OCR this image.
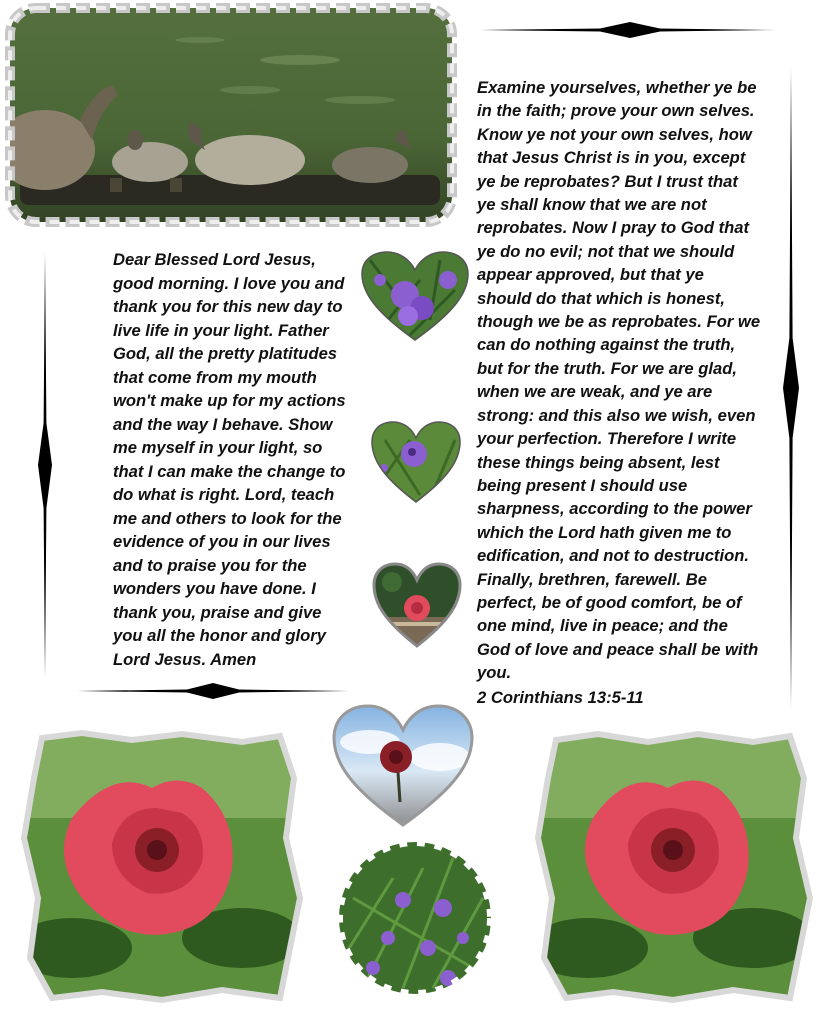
Dear Blessed Lord Jesus,
good morning. I love you and
thank you for this new day to
live life in your light. Father
God, all the pretty platitudes
that come from my mouth
won't make up for my actions
and the way I behave. Show
me myself in your light, so
that I can make the change to
do what is right. Lord, teach
me and others to look for the
evidence of you in our lives
and to praise you for the
wonders you have done. I
thank you, praise and give
you all the honor and glory
Lord Jesus. Amen
Examine yourselves, whether ye be
in the faith; prove your own selves.
Know ye not your own selves, how
that Jesus Christ is in you, except
ye be reprobates? But I trust that
ye shall know that we are not
reprobates. Now I pray to God that
ye do no evil; not that we should
appear approved, but that ye
should do that which is honest,
though we be as reprobates. For we
can do nothing against the truth,
but for the truth. For we are glad,
when we are weak, and ye are
strong: and this also we wish, even
your perfection. Therefore I write
these things being absent, lest
being present I should use
sharpness, according to the power
which the Lord hath given me to
edification, and not to destruction.
Finally, brethren, farewell. Be
perfect, be of good comfort, be of
one mind, live in peace; and the
God of love and peace shall be with
you.
2 Corinthians 13:5-11
